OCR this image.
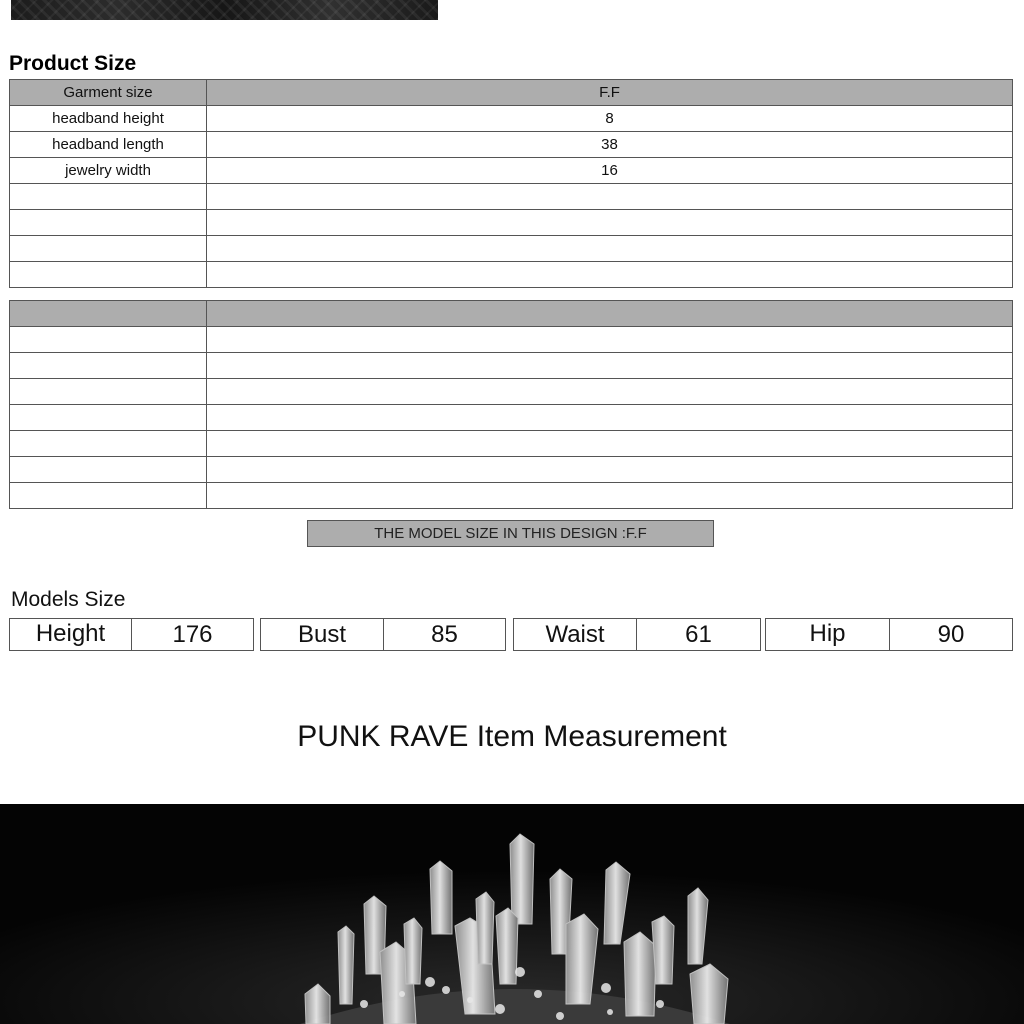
Product Size
Garment size	F.F
headband height	8
headband length	38
jewelry width	16

THE MODEL SIZE IN THIS DESIGN :F.F
Models Size
Height	176	Bust	85	Waist	61	Hip	90
PUNK RAVE Item Measurement
